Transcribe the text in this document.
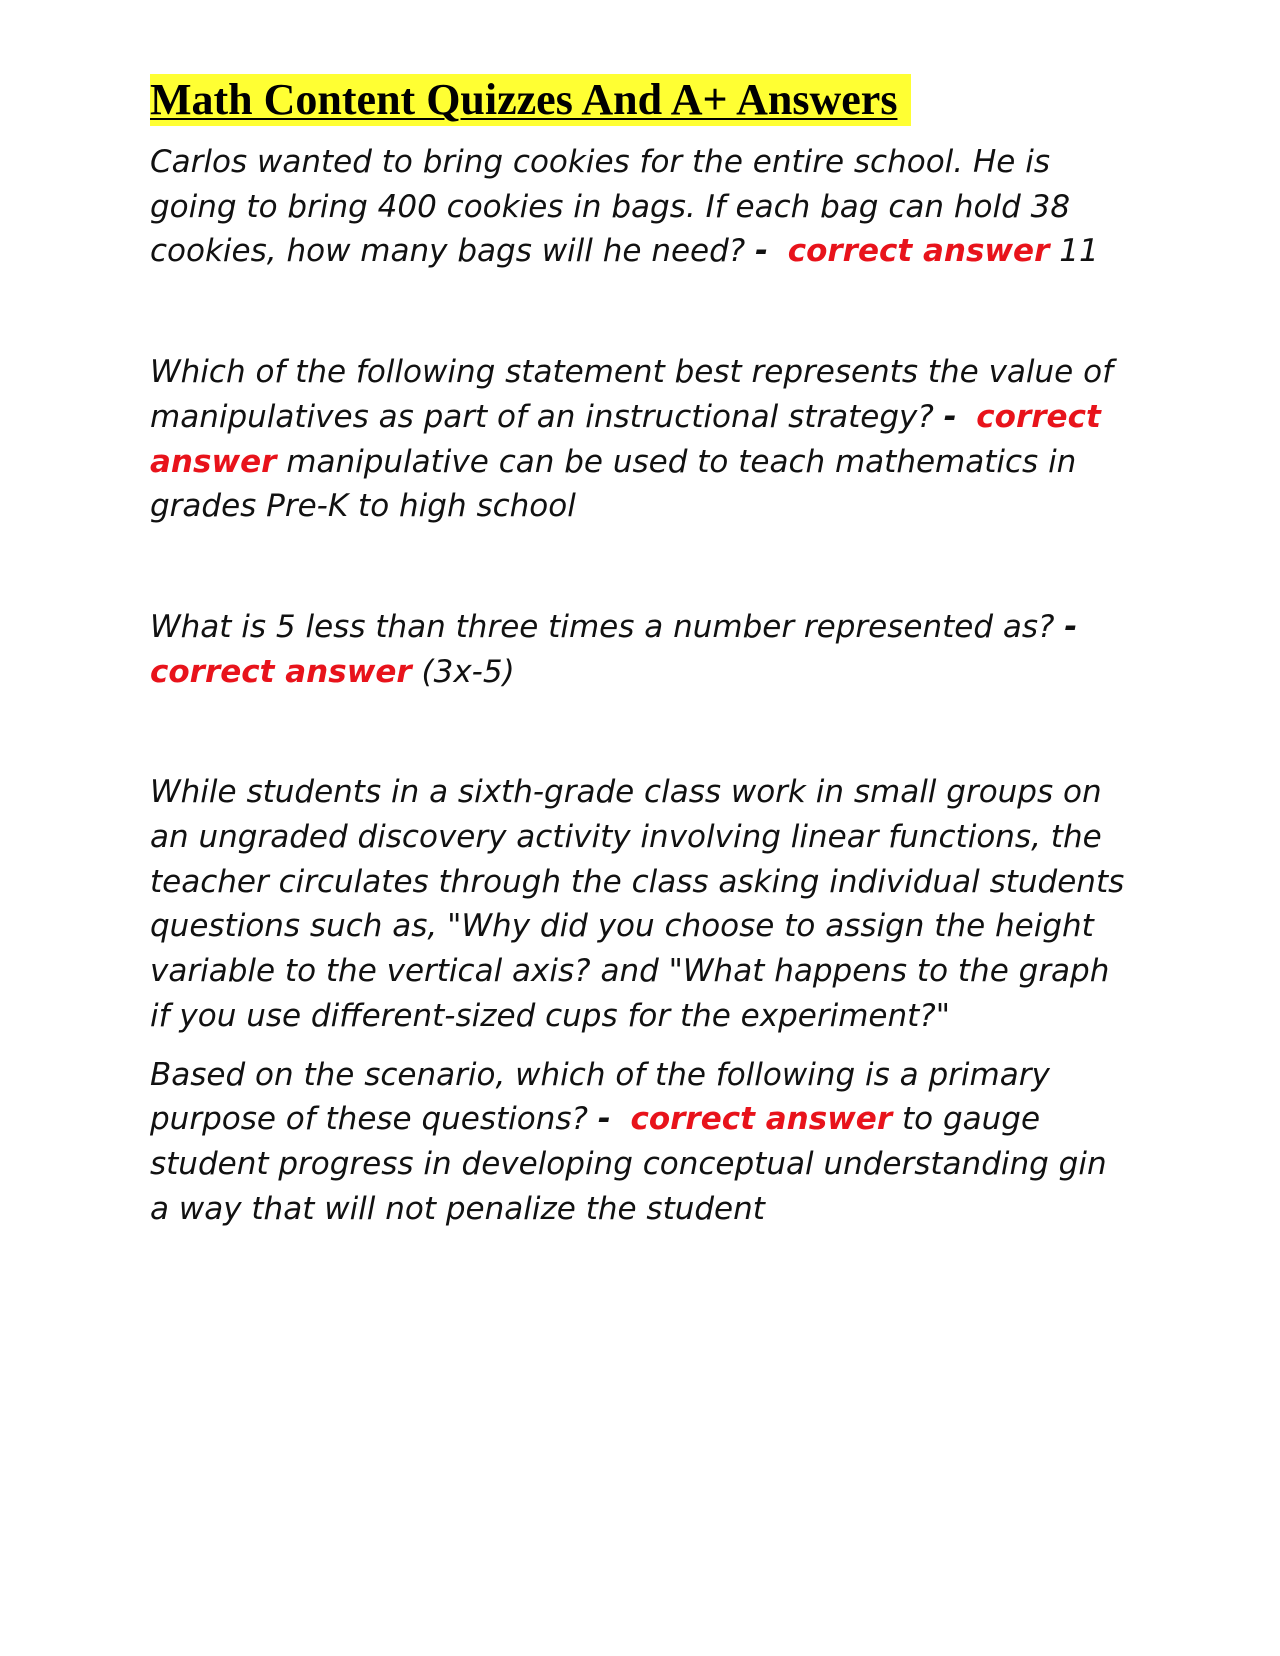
Math Content Quizzes And A+ Answers

Carlos wanted to bring cookies for the entire school. He is going to bring 400 cookies in bags. If each bag can hold 38 cookies, how many bags will he need? - correct answer 11

Which of the following statement best represents the value of manipulatives as part of an instructional strategy? - correct answer manipulative can be used to teach mathematics in grades Pre-K to high school

What is 5 less than three times a number represented as? -  correct answer (3x-5)

While students in a sixth-grade class work in small groups on an ungraded discovery activity involving linear functions, the teacher circulates through the class asking individual students questions such as, "Why did you choose to assign the height variable to the vertical axis? and "What happens to the graph if you use different-sized cups for the experiment?"

Based on the scenario, which of the following is a primary purpose of these questions? - correct answer to gauge student progress in developing conceptual understanding gin a way that will not penalize the student
